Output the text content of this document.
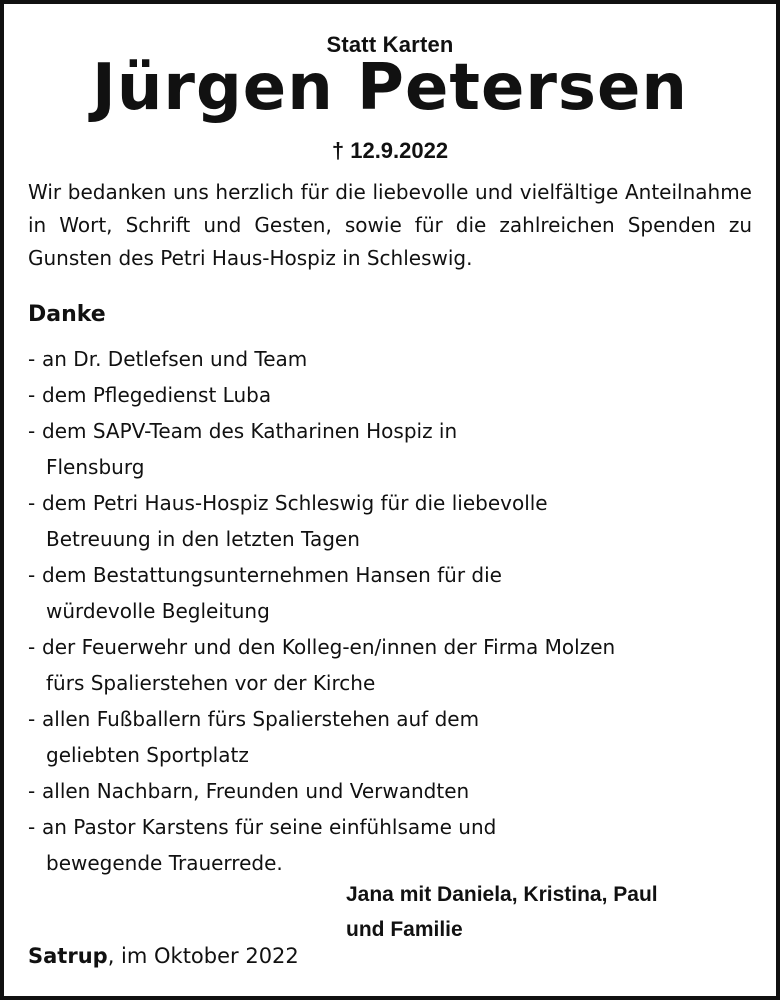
Statt Karten
Jürgen Petersen
† 12.9.2022
Wir bedanken uns herzlich für die liebevolle und vielfältige Anteilnahme in Wort, Schrift und Gesten, sowie für die zahlreichen Spenden zu Gunsten des Petri Haus-Hospiz in Schleswig.
Danke
- an Dr. Detlefsen und Team
- dem Pflegedienst Luba
- dem SAPV-Team des Katharinen Hospiz in
Flensburg
- dem Petri Haus-Hospiz Schleswig für die liebevolle
Betreuung in den letzten Tagen
- dem Bestattungsunternehmen Hansen für die
würdevolle Begleitung
- der Feuerwehr und den Kolleg-en/innen der Firma Molzen
fürs Spalierstehen vor der Kirche
- allen Fußballern fürs Spalierstehen auf dem
geliebten Sportplatz
- allen Nachbarn, Freunden und Verwandten
- an Pastor Karstens für seine einfühlsame und
bewegende Trauerrede.
Jana mit Daniela, Kristina, Paul
und Familie
Satrup, im Oktober 2022
